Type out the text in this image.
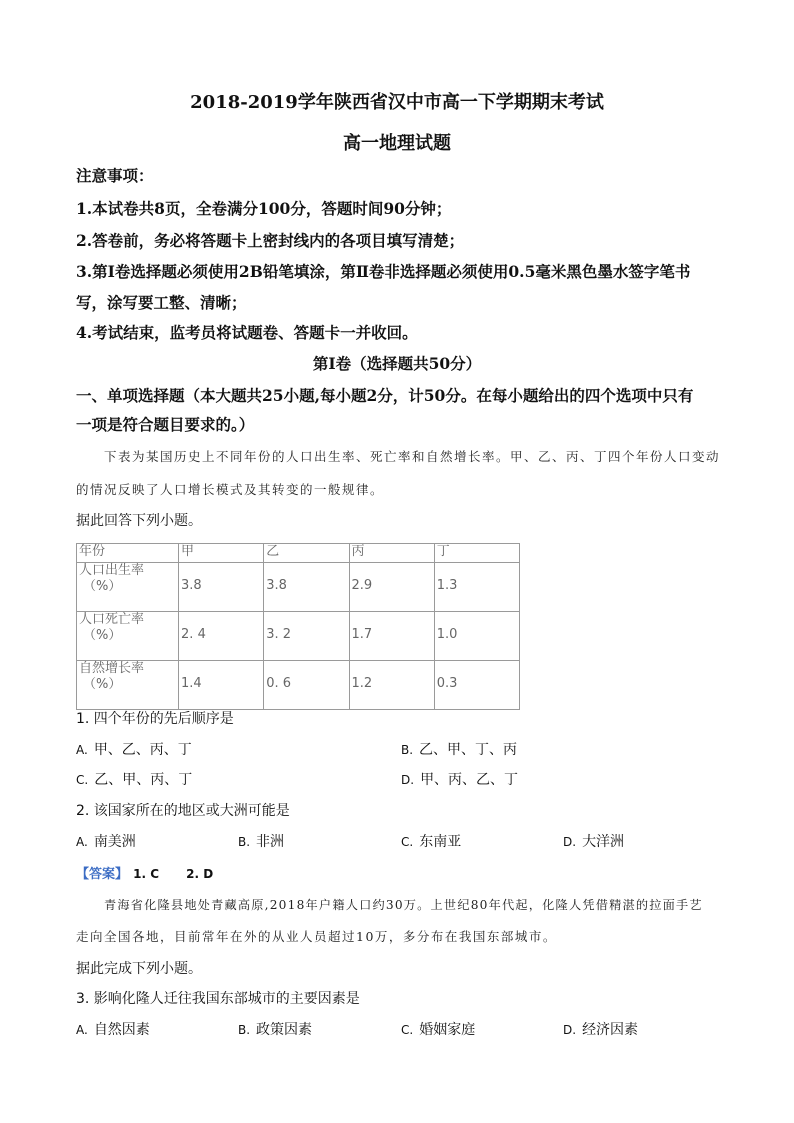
2018-2019学年陕西省汉中市高一下学期期末考试
高一地理试题
注意事项：
1.本试卷共8页，全卷满分100分，答题时间90分钟；
2.答卷前，务必将答题卡上密封线内的各项目填写清楚；
3.第Ⅰ卷选择题必须使用2B铅笔填涂，第Ⅱ卷非选择题必须使用0.5毫米黑色墨水签字笔书
写，涂写要工整、清晰；
4.考试结束，监考员将试题卷、答题卡一并收回。
第Ⅰ卷（选择题共50分）
一、单项选择题（本大题共25小题,每小题2分，计50分。在每小题给出的四个选项中只有
一项是符合题目要求的。）
下表为某国历史上不同年份的人口出生率、死亡率和自然增长率。甲、乙、丙、丁四个年份人口变动
的情况反映了人口增长模式及其转变的一般规律。
据此回答下列小题。
年份	甲	乙	丙	丁

人口出生率
（%）	3.8	3.8	2.9	1.3

人口死亡率
（%）	2. 4	3. 2	1.7	1.0

自然增长率
（%）	1.4	0. 6	1.2	0.3
1. 四个年份的先后顺序是
A. 甲、乙、丙、丁	B. 乙、甲、丁、丙
C. 乙、甲、丙、丁	D. 甲、丙、乙、丁
2. 该国家所在的地区或大洲可能是
A. 南美洲	B. 非洲	C. 东南亚	D. 大洋洲
【答案】 1. C 2. D
青海省化隆县地处青藏高原,2018年户籍人口约30万。上世纪80年代起，化隆人凭借精湛的拉面手艺
走向全国各地，目前常年在外的从业人员超过10万，多分布在我国东部城市。
据此完成下列小题。
3. 影响化隆人迁往我国东部城市的主要因素是
A. 自然因素	B. 政策因素	C. 婚姻家庭	D. 经济因素
